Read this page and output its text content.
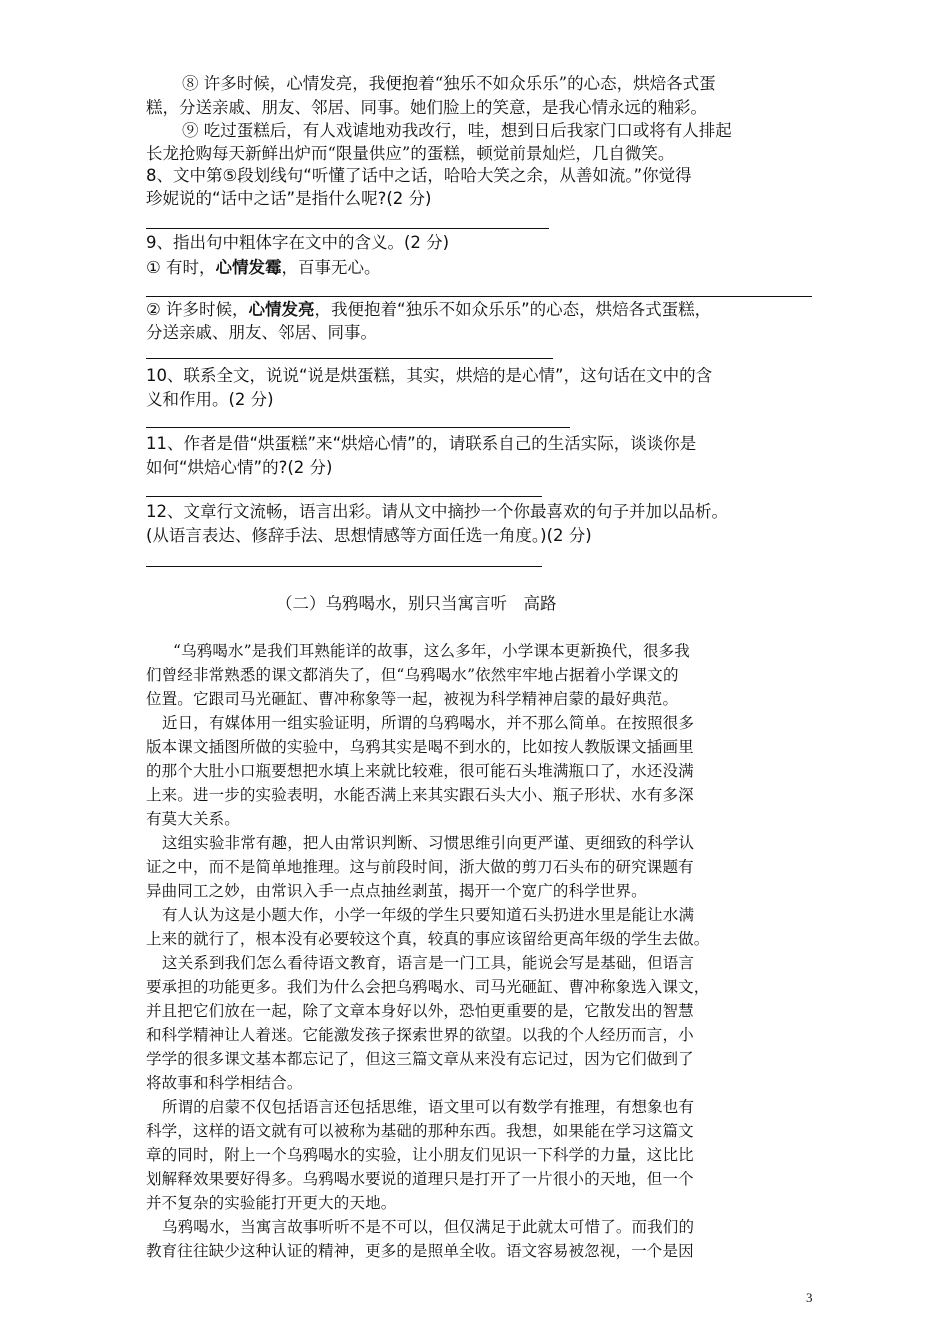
⑧ 许多时候，心情发亮，我便抱着“独乐不如众乐乐”的心态，烘焙各式蛋
糕，分送亲戚、朋友、邻居、同事。她们脸上的笑意，是我心情永远的釉彩。
⑨ 吃过蛋糕后，有人戏谑地劝我改行，哇，想到日后我家门口或将有人排起
长龙抢购每天新鲜出炉而“限量供应”的蛋糕，顿觉前景灿烂，几自微笑。
8、文中第⑤段划线句“听懂了话中之话，哈哈大笑之余，从善如流。”你觉得
珍妮说的“话中之话”是指什么呢?(2 分)
9、指出句中粗体字在文中的含义。(2 分)
① 有时，心情发霉，百事无心。
② 许多时候，心情发亮，我便抱着“独乐不如众乐乐”的心态，烘焙各式蛋糕，
分送亲戚、朋友、邻居、同事。
10、联系全文，说说“说是烘蛋糕，其实，烘焙的是心情”，这句话在文中的含
义和作用。(2 分)
11、作者是借“烘蛋糕”来“烘焙心情”的，请联系自己的生活实际，谈谈你是
如何“烘焙心情”的?(2 分)
12、文章行文流畅，语言出彩。请从文中摘抄一个你最喜欢的句子并加以品析。
(从语言表达、修辞手法、思想情感等方面任选一角度。)(2 分)
（二）乌鸦喝水，别只当寓言听　高路
“乌鸦喝水”是我们耳熟能详的故事，这么多年，小学课本更新换代，很多我
们曾经非常熟悉的课文都消失了，但“乌鸦喝水”依然牢牢地占据着小学课文的
位置。它跟司马光砸缸、曹冲称象等一起，被视为科学精神启蒙的最好典范。
近日，有媒体用一组实验证明，所谓的乌鸦喝水，并不那么简单。在按照很多
版本课文插图所做的实验中，乌鸦其实是喝不到水的，比如按人教版课文插画里
的那个大肚小口瓶要想把水填上来就比较难，很可能石头堆满瓶口了，水还没满
上来。进一步的实验表明，水能否满上来其实跟石头大小、瓶子形状、水有多深
有莫大关系。
这组实验非常有趣，把人由常识判断、习惯思维引向更严谨、更细致的科学认
证之中，而不是简单地推理。这与前段时间，浙大做的剪刀石头布的研究课题有
异曲同工之妙，由常识入手一点点抽丝剥茧，揭开一个宽广的科学世界。
有人认为这是小题大作，小学一年级的学生只要知道石头扔进水里是能让水满
上来的就行了，根本没有必要较这个真，较真的事应该留给更高年级的学生去做。
这关系到我们怎么看待语文教育，语言是一门工具，能说会写是基础，但语言
要承担的功能更多。我们为什么会把乌鸦喝水、司马光砸缸、曹冲称象选入课文，
并且把它们放在一起，除了文章本身好以外，恐怕更重要的是，它散发出的智慧
和科学精神让人着迷。它能激发孩子探索世界的欲望。以我的个人经历而言，小
学学的很多课文基本都忘记了，但这三篇文章从来没有忘记过，因为它们做到了
将故事和科学相结合。
所谓的启蒙不仅包括语言还包括思维，语文里可以有数学有推理，有想象也有
科学，这样的语文就有可以被称为基础的那种东西。我想，如果能在学习这篇文
章的同时，附上一个乌鸦喝水的实验，让小朋友们见识一下科学的力量，这比比
划解释效果要好得多。乌鸦喝水要说的道理只是打开了一片很小的天地，但一个
并不复杂的实验能打开更大的天地。
乌鸦喝水，当寓言故事听听不是不可以，但仅满足于此就太可惜了。而我们的
教育往往缺少这种认证的精神，更多的是照单全收。语文容易被忽视，一个是因
3
